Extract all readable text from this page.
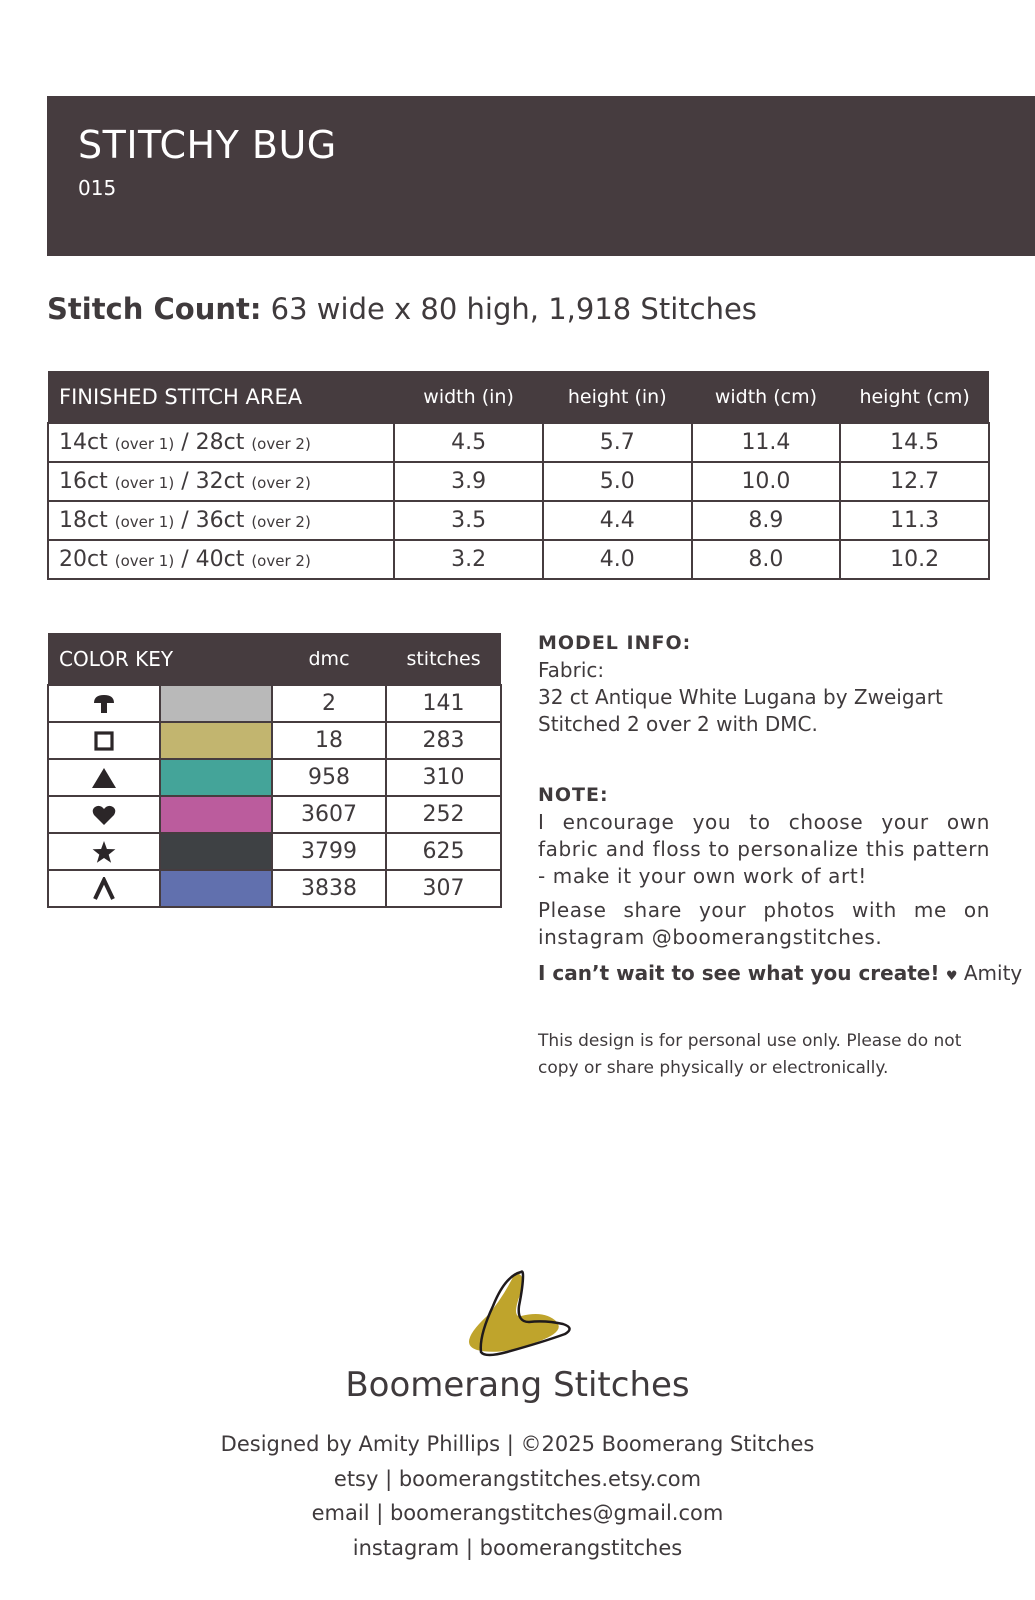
STITCHY BUG
015
Stitch Count: 63 wide x 80 high, 1,918 Stitches
FINISHED STITCH AREA	width (in)	height (in)	width (cm)	height (cm)
14ct (over 1) / 28ct (over 2)	4.5	5.7	11.4	14.5
16ct (over 1) / 32ct (over 2)	3.9	5.0	10.0	12.7
18ct (over 1) / 36ct (over 2)	3.5	4.4	8.9	11.3
20ct (over 1) / 40ct (over 2)	3.2	4.0	8.0	10.2
COLOR KEY		dmc	stitches

	2	141

	18	283

	958	310

	3607	252

	3799	625

	3838	307

MODEL INFO:

Fabric:

32 ct Antique White Lugana by Zweigart

Stitched 2 over 2 with DMC.

NOTE:

I encourage you to choose your own fabric and floss to personalize this pattern - make it your own work of art!

Please share your photos with me on instagram @boomerangstitches.

I can’t wait to see what you create! ♥ Amity

This design is for personal use only. Please do not copy or share physically or electronically.

Boomerang Stitches
Designed by Amity Phillips | ©2025 Boomerang Stitches
etsy | boomerangstitches.etsy.com
email | boomerangstitches@gmail.com
instagram | boomerangstitches
